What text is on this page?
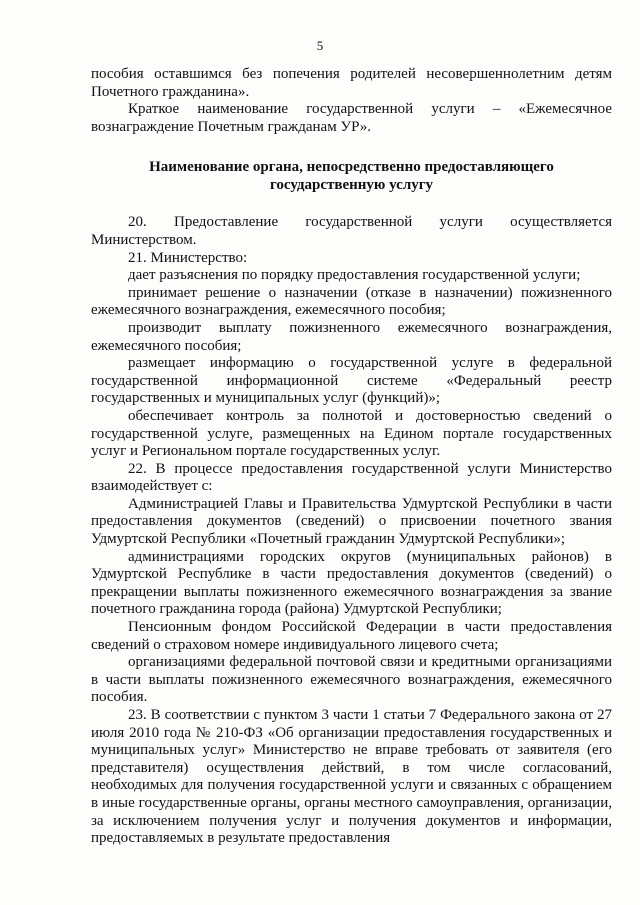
5

пособия оставшимся без попечения родителей несовершеннолетним детям Почетного гражданина».

Краткое наименование государственной услуги – «Ежемесячное вознаграждение Почетным гражданам УР».

Наименование органа, непосредственно предоставляющего государственную услугу

20. Предоставление государственной услуги осуществляется Министерством.

21. Министерство:

дает разъяснения по порядку предоставления государственной услуги;

принимает решение о назначении (отказе в назначении) пожизненного ежемесячного вознаграждения, ежемесячного пособия;

производит выплату пожизненного ежемесячного вознаграждения, ежемесячного пособия;

размещает информацию о государственной услуге в федеральной государственной информационной системе «Федеральный реестр государственных и муниципальных услуг (функций)»;

обеспечивает контроль за полнотой и достоверностью сведений о государственной услуге, размещенных на Едином портале государственных услуг и Региональном портале государственных услуг.

22. В процессе предоставления государственной услуги Министерство взаимодействует с:

Администрацией Главы и Правительства Удмуртской Республики в части предоставления документов (сведений) о присвоении почетного звания Удмуртской Республики «Почетный гражданин Удмуртской Республики»;

администрациями городских округов (муниципальных районов) в Удмуртской Республике в части предоставления документов (сведений) о прекращении выплаты пожизненного ежемесячного вознаграждения за звание почетного гражданина города (района) Удмуртской Республики;

Пенсионным фондом Российской Федерации в части предоставления сведений о страховом номере индивидуального лицевого счета;

организациями федеральной почтовой связи и кредитными организациями в части выплаты пожизненного ежемесячного вознаграждения, ежемесячного пособия.

23. В соответствии с пунктом 3 части 1 статьи 7 Федерального закона от 27 июля 2010 года № 210-ФЗ «Об организации предоставления государственных и муниципальных услуг» Министерство не вправе требовать от заявителя (его представителя) осуществления действий, в том числе согласований, необходимых для получения государственной услуги и связанных с обращением в иные государственные органы, органы местного самоуправления, организации, за исключением получения услуг и получения документов и информации, предоставляемых в результате предоставления
